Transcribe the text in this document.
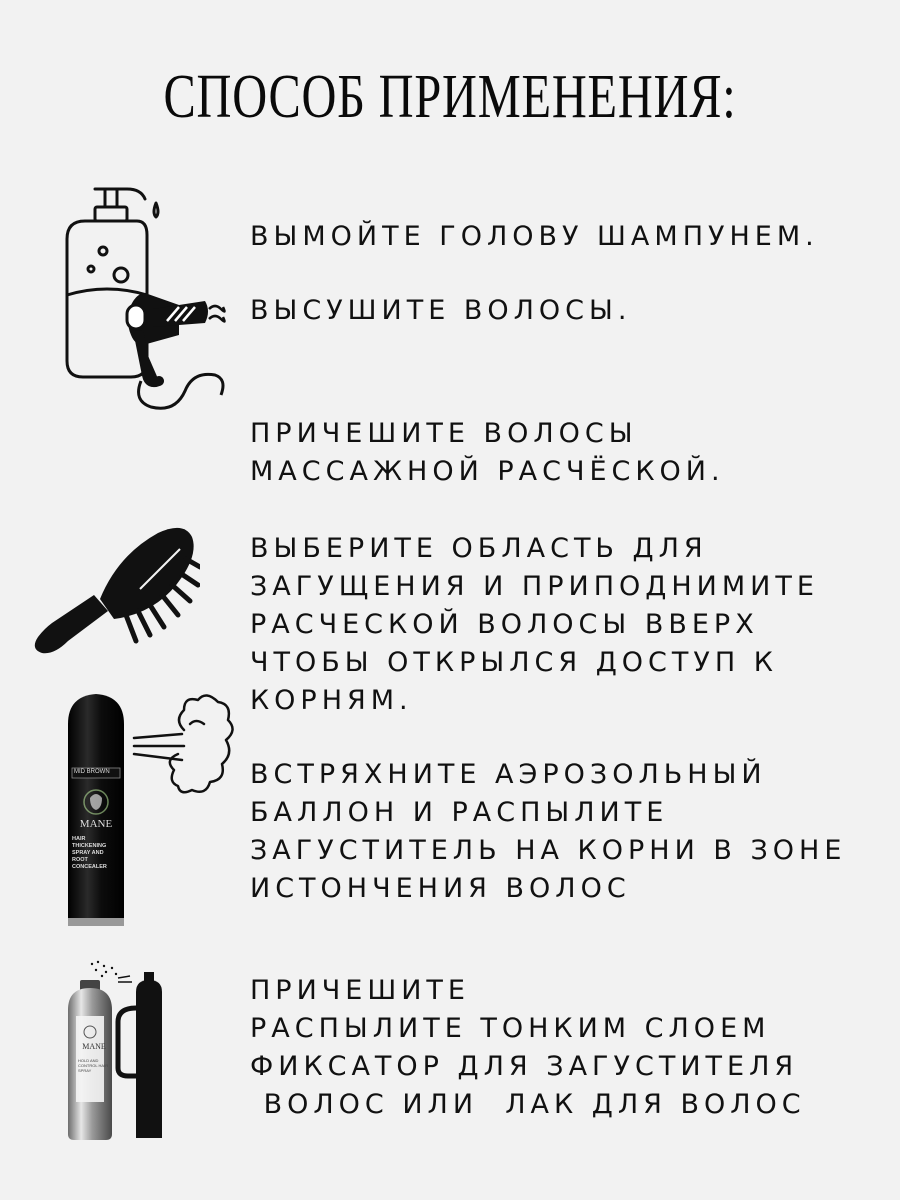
СПОСОБ ПРИМЕНЕНИЯ:
MID BROWN
MANE
HAIR THICKENING SPRAY AND ROOT CONCEALER
MANE
HOLD AND CONTROL HAIR SPRAY
ВЫМОЙТЕ ГОЛОВУ ШАМПУНЕМ.
ВЫСУШИТЕ ВОЛОСЫ.
ПРИЧЕШИТЕ ВОЛОСЫ
МАССАЖНОЙ РАСЧЁСКОЙ.
ВЫБЕРИТЕ ОБЛАСТЬ ДЛЯ
ЗАГУЩЕНИЯ И ПРИПОДНИМИТЕ
РАСЧЕСКОЙ ВОЛОСЫ ВВЕРХ
ЧТОБЫ ОТКРЫЛСЯ ДОСТУП К
КОРНЯМ.
ВСТРЯХНИТЕ АЭРОЗОЛЬНЫЙ
БАЛЛОН И РАСПЫЛИТЕ
ЗАГУСТИТЕЛЬ НА КОРНИ В ЗОНЕ
ИСТОНЧЕНИЯ ВОЛОС
ПРИЧЕШИТЕ
РАСПЫЛИТЕ ТОНКИМ СЛОЕМ
ФИКСАТОР ДЛЯ ЗАГУСТИТЕЛЯ
ВОЛОС ИЛИ  ЛАК ДЛЯ ВОЛОС
